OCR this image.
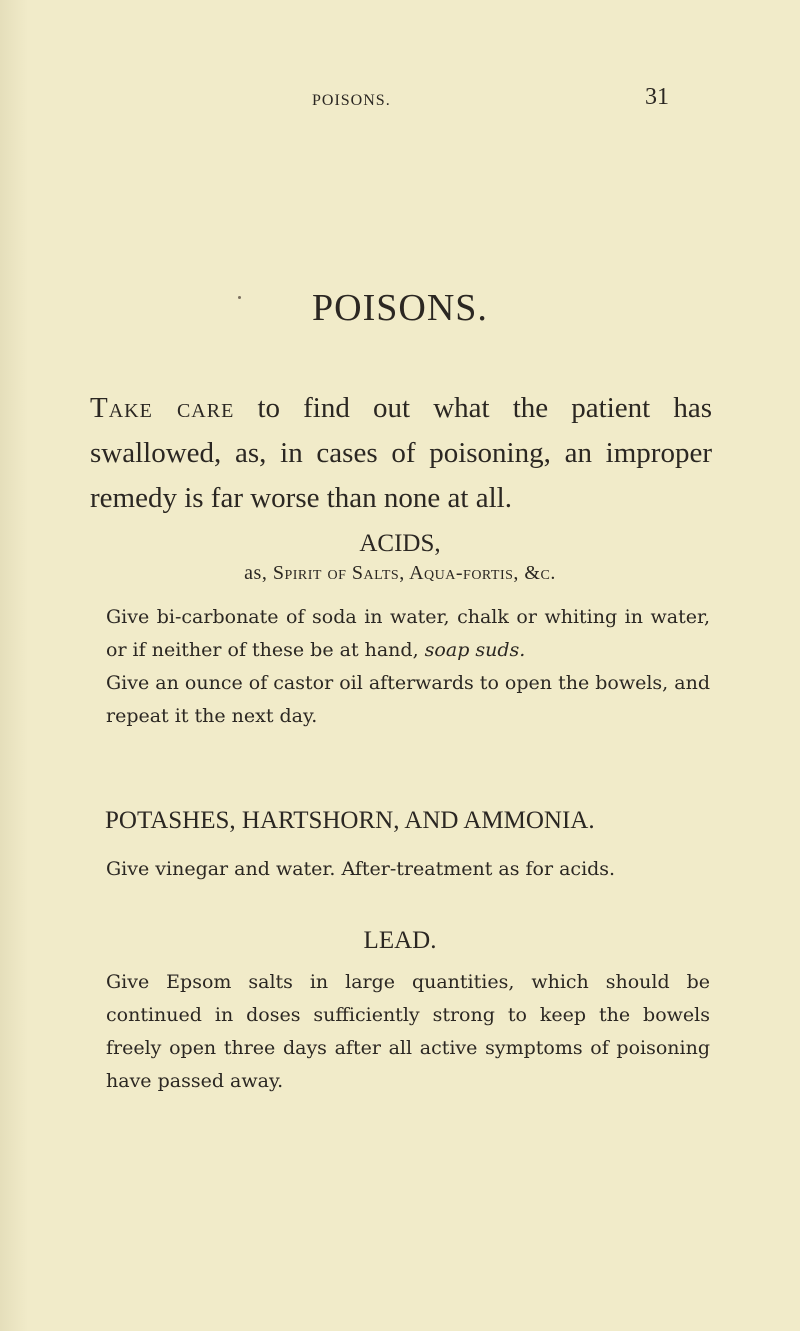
POISONS.	31
POISONS.

Take care to find out what the patient has swallowed, as, in cases of poisoning, an improper remedy is far worse than none at all.

ACIDS,
as, Spirit of Salts, Aqua-fortis, &c.

Give bi-carbonate of soda in water, chalk or whiting in water, or if neither of these be at hand, soap suds.

Give an ounce of castor oil afterwards to open the bowels, and repeat it the next day.

POTASHES, HARTSHORN, AND AMMONIA.

Give vinegar and water. After-treatment as for acids.

LEAD.

Give Epsom salts in large quantities, which should be continued in doses sufficiently strong to keep the bowels freely open three days after all active symptoms of poisoning have passed away.
